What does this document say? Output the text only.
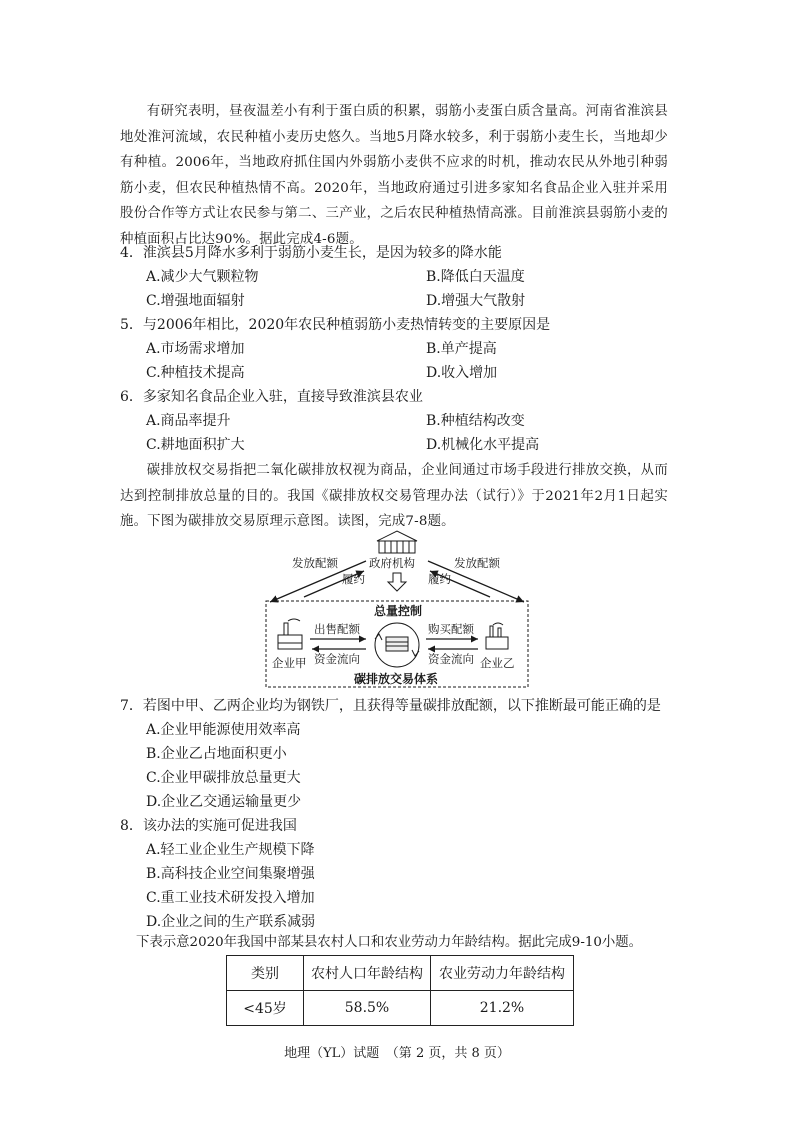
有研究表明，昼夜温差小有利于蛋白质的积累，弱筋小麦蛋白质含量高。河南省淮滨县地处淮河流域，农民种植小麦历史悠久。当地5月降水较多，利于弱筋小麦生长，当地却少有种植。2006年，当地政府抓住国内外弱筋小麦供不应求的时机，推动农民从外地引种弱筋小麦，但农民种植热情不高。2020年，当地政府通过引进多家知名食品企业入驻并采用股份合作等方式让农民参与第二、三产业，之后农民种植热情高涨。目前淮滨县弱筋小麦的种植面积占比达90%。据此完成4-6题。

4．淮滨县5月降水多利于弱筋小麦生长，是因为较多的降水能
A.减少大气颗粒物	B.降低白天温度
C.增强地面辐射	D.增强大气散射
5．与2006年相比，2020年农民种植弱筋小麦热情转变的主要原因是
A.市场需求增加	B.单产提高
C.种植技术提高	D.收入增加
6．多家知名食品企业入驻，直接导致淮滨县农业
A.商品率提升	B.种植结构改变
C.耕地面积扩大	D.机械化水平提高

碳排放权交易指把二氧化碳排放权视为商品，企业间通过市场手段进行排放交换，从而达到控制排放总量的目的。我国《碳排放权交易管理办法（试行）》于2021年2月1日起实施。下图为碳排放交易原理示意图。读图，完成7-8题。

政府机构
发放配额
履约
发放配额
履约
总量控制
企业甲	企业乙
出售配额
资金流向
购买配额
资金流向
碳排放交易体系
7．若图中甲、乙两企业均为钢铁厂，且获得等量碳排放配额，以下推断最可能正确的是
A.企业甲能源使用效率高
B.企业乙占地面积更小
C.企业甲碳排放总量更大
D.企业乙交通运输量更少
8．该办法的实施可促进我国
A.轻工业企业生产规模下降
B.高科技企业空间集聚增强
C.重工业技术研发投入增加
D.企业之间的生产联系减弱
下表示意2020年我国中部某县农村人口和农业劳动力年龄结构。据此完成9-10小题。
类别	农村人口年龄结构	农业劳动力年龄结构
<45岁	58.5%	21.2%
地理（YL）试题　（第 2 页，共 8 页）
